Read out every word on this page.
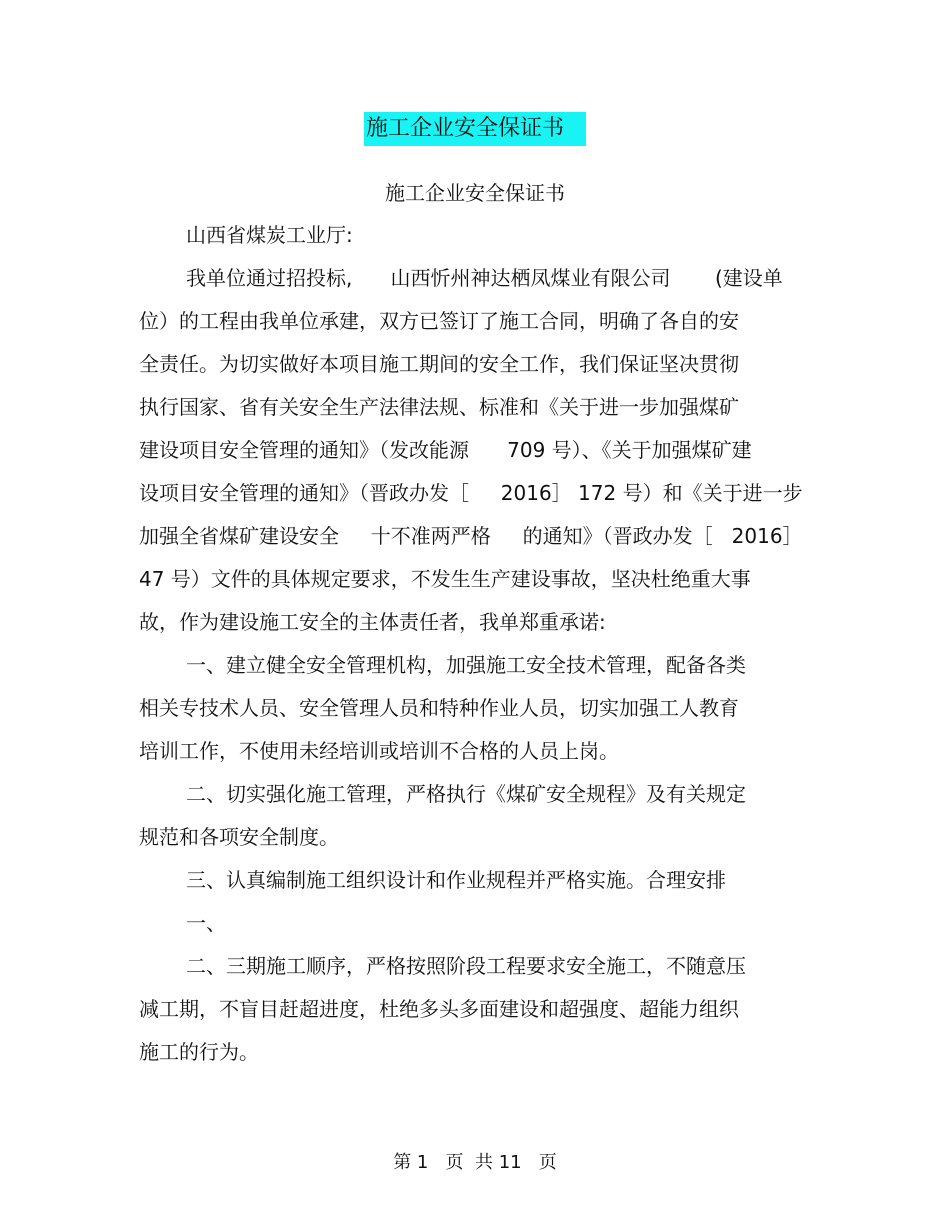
施工企业安全保证书
施工企业安全保证书
山西省煤炭工业厅:
我单位通过招投标,      山西忻州神达栖凤煤业有限公司       (建设单
位）的工程由我单位承建，双方已签订了施工合同，明确了各自的安
全责任。为切实做好本项目施工期间的安全工作，我们保证坚决贯彻
执行国家、省有关安全生产法律法规、标准和《关于进一步加强煤矿
建设项目安全管理的通知》（发改能源      709 号）、《关于加强煤矿建
设项目安全管理的通知》（晋政办发［     2016］ 172 号）和《关于进一步
加强全省煤矿建设安全     十不准两严格     的通知》（晋政办发［   2016］
47 号）文件的具体规定要求，不发生生产建设事故，坚决杜绝重大事
故，作为建设施工安全的主体责任者，我单郑重承诺:
一、建立健全安全管理机构，加强施工安全技术管理，配备各类
相关专技术人员、安全管理人员和特种作业人员，切实加强工人教育
培训工作，不使用未经培训或培训不合格的人员上岗。
二、切实强化施工管理，严格执行《煤矿安全规程》及有关规定
规范和各项安全制度。
三、认真编制施工组织设计和作业规程并严格实施。合理安排
一、
二、三期施工顺序，严格按照阶段工程要求安全施工，不随意压
减工期，不盲目赶超进度，杜绝多头多面建设和超强度、超能力组织
施工的行为。
第 1   页  共 11   页
